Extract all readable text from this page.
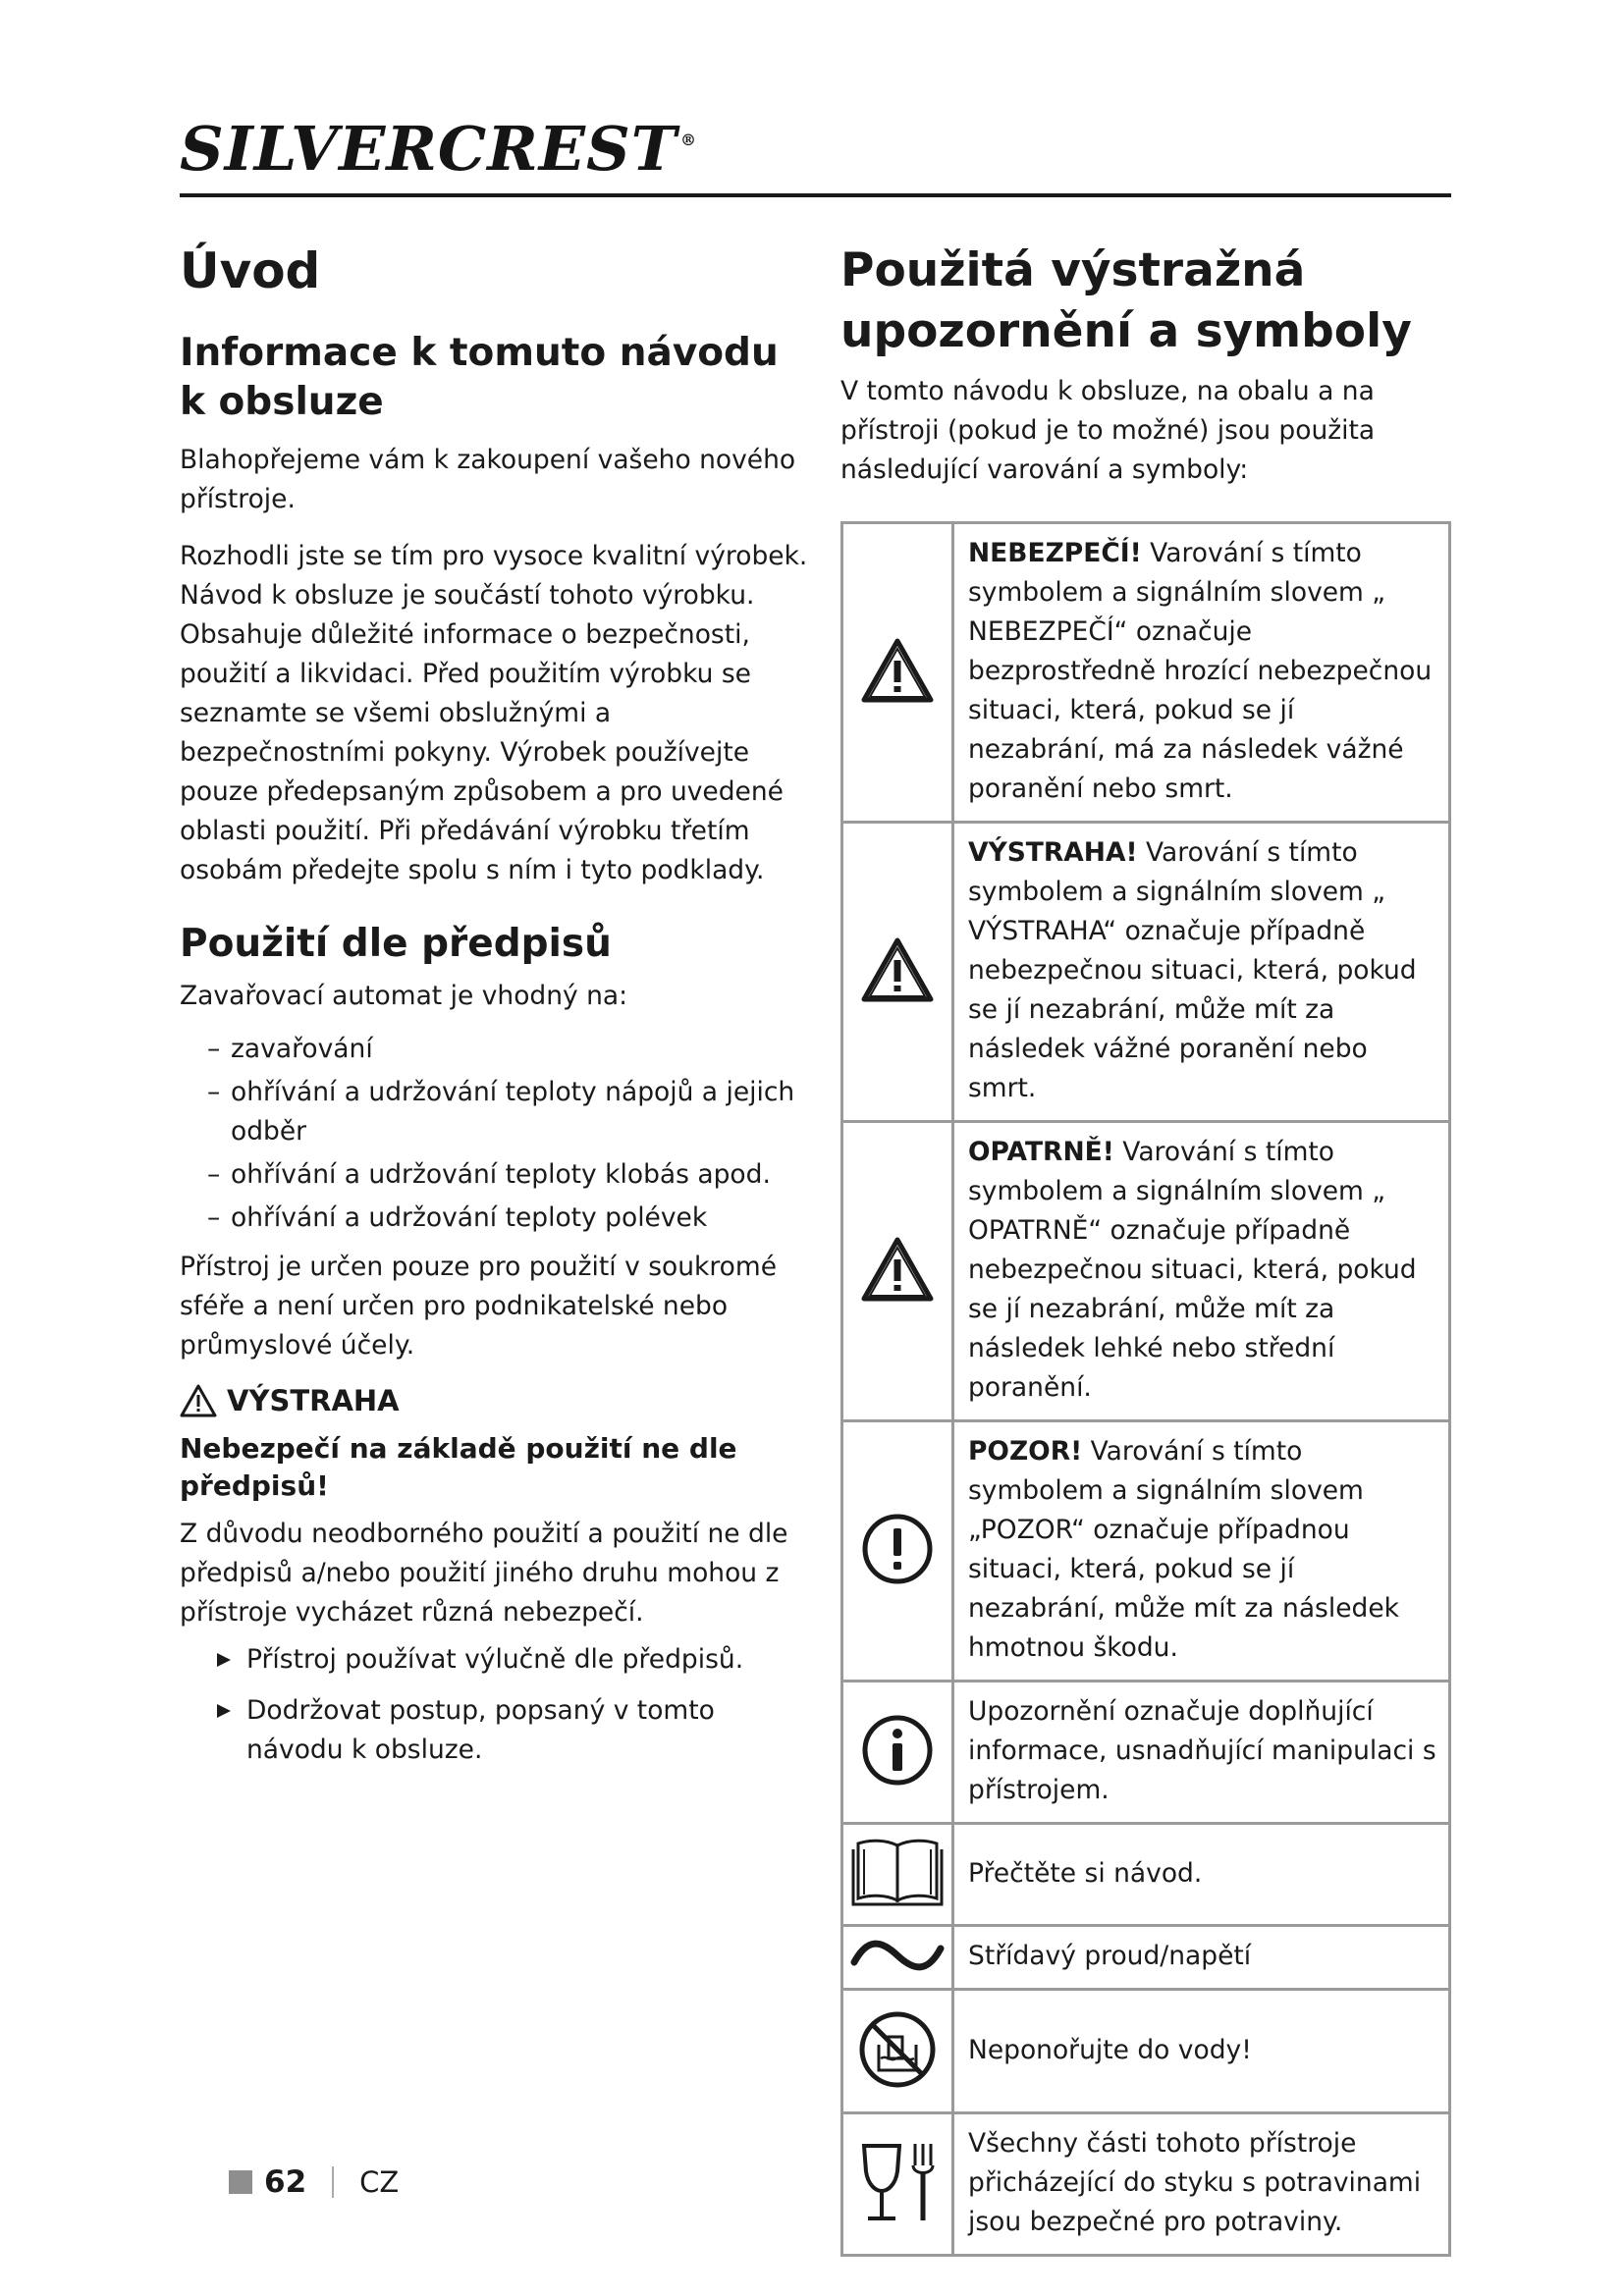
SILVERCREST ®
Úvod
Informace k tomuto návodu k obsluze

Blahopřejeme vám k zakoupení vašeho nového přístroje.

Rozhodli jste se tím pro vysoce kvalitní výrobek. Návod k obsluze je součástí tohoto výrobku. Obsahuje důležité informace o bezpečnosti, použití a likvidaci. Před použitím výrobku se seznamte se všemi obslužnými a bezpečnostními pokyny. Výrobek používejte pouze předepsaným způsobem a pro uvedené oblasti použití. Při předávání výrobku třetím osobám předejte spolu s ním i tyto podklady.

Použití dle předpisů

Zavařovací automat je vhodný na:

– zavařování
– ohřívání a udržování teploty nápojů a jejich odběr
– ohřívání a udržování teploty klobás apod.
– ohřívání a udržování teploty polévek

Přístroj je určen pouze pro použití v soukromé sféře a není určen pro podnikatelské nebo průmyslové účely.

VÝSTRAHA
Nebezpečí na základě použití ne dle předpisů!

Z důvodu neodborného použití a použití ne dle předpisů a/nebo použití jiného druhu mohou z přístroje vycházet různá nebezpečí.

Přístroj používat výlučně dle předpisů.
Dodržovat postup, popsaný v tomto návodu k obsluze.
Použitá výstražná upozornění a symboly

V tomto návodu k obsluze, na obalu a na přístroji (pokud je to možné) jsou použita následující varování a symboly:

	NEBEZPEČÍ! Varování s tímto symbolem a signálním slovem „ NEBEZPEČÍ“ označuje bezprostředně hrozící nebezpečnou situaci, která, pokud se jí nezabrání, má za následek vážné poranění nebo smrt.
	VÝSTRAHA! Varování s tímto symbolem a signálním slovem „ VÝSTRAHA“ označuje případně nebezpečnou situaci, která, pokud se jí nezabrání, může mít za následek vážné poranění nebo smrt.
	OPATRNĚ! Varování s tímto symbolem a signálním slovem „ OPATRNĚ“ označuje případně nebezpečnou situaci, která, pokud se jí nezabrání, může mít za následek lehké nebo střední poranění.
	POZOR! Varování s tímto symbolem a signálním slovem „POZOR“ označuje případnou situaci, která, pokud se jí nezabrání, může mít za následek hmotnou škodu.
	Upozornění označuje doplňující informace, usnadňující manipulaci s přístrojem.
	Přečtěte si návod.
	Střídavý proud/napětí
	Neponořujte do vody!
	Všechny části tohoto přístroje přicházející do styku s potravinami jsou bezpečné pro potraviny.
62 CZ
